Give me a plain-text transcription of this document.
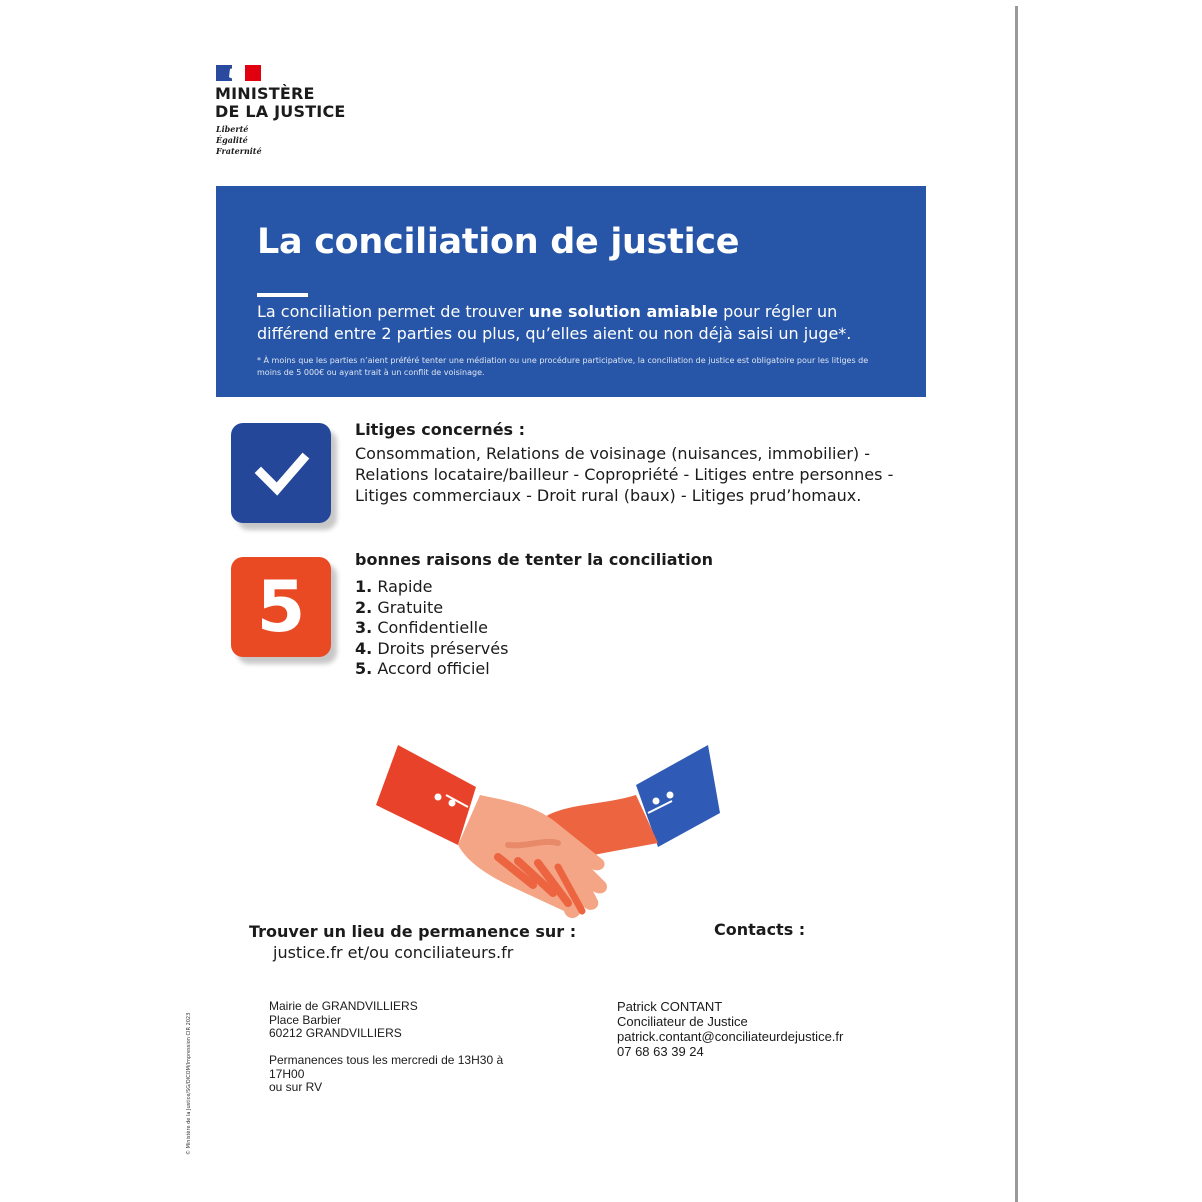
MINISTÈRE
DE LA JUSTICE
Liberté
Égalité
Fraternité
La conciliation de justice
La conciliation permet de trouver une solution amiable pour régler un différend entre 2 parties ou plus, qu’elles aient ou non déjà saisi un juge*.
* À moins que les parties n’aient préféré tenter une médiation ou une procédure participative, la conciliation de justice est obligatoire pour les litiges de moins de 5 000€ ou ayant trait à un conflit de voisinage.
Litiges concernés :
Consommation, Relations de voisinage (nuisances, immobilier) - Relations locataire/bailleur - Copropriété - Litiges entre personnes - Litiges commerciaux - Droit rural (baux) - Litiges prud’homaux.
5
bonnes raisons de tenter la conciliation
1. Rapide
2. Gratuite
3. Confidentielle
4. Droits préservés
5. Accord officiel
Trouver un lieu de permanence sur :
justice.fr et/ou conciliateurs.fr
Contacts :
Mairie de GRANDVILLIERS
Place Barbier
60212 GRANDVILLIERS
Permanences tous les mercredi de 13H30 à 17H00
ou sur RV
Patrick CONTANT
Conciliateur de Justice
patrick.contant@conciliateurdejustice.fr
07 68 63 39 24
© Ministère de la Justice/SG/DICOM/Impression CIR 2023
